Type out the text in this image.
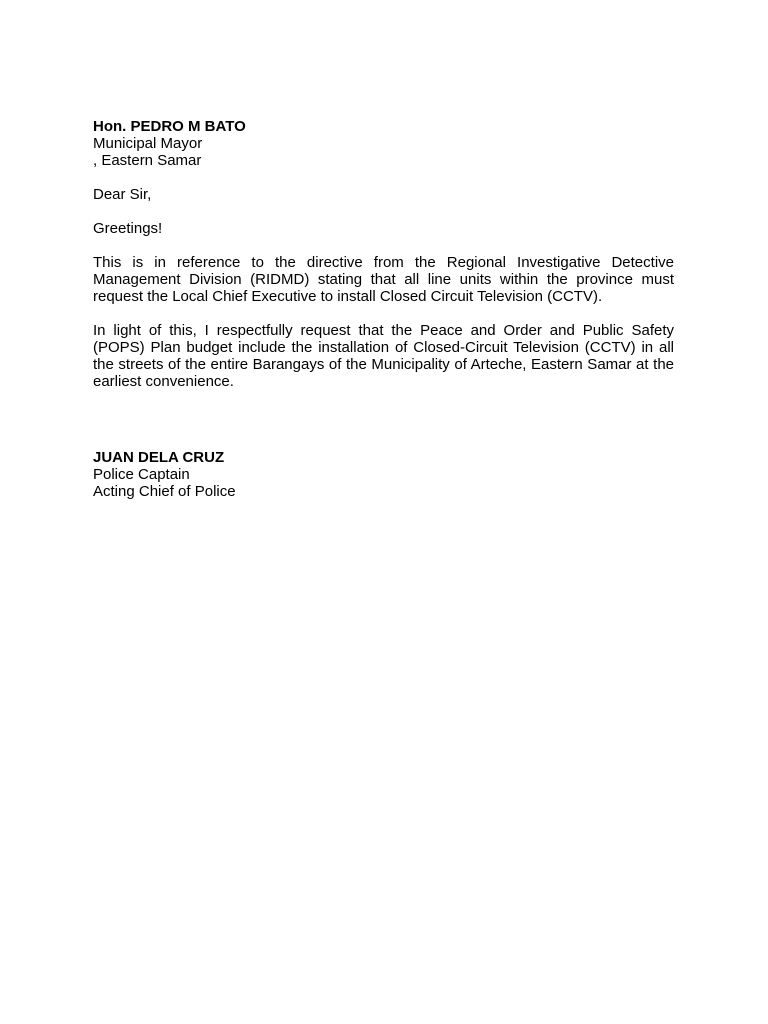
Hon. PEDRO M BATO
Municipal Mayor
, Eastern Samar
Dear Sir,
Greetings!

This is in reference to the directive from the Regional Investigative Detective Management Division (RIDMD) stating that all line units within the province must request the Local Chief Executive to install Closed Circuit Television (CCTV).

In light of this, I respectfully request that the Peace and Order and Public Safety (POPS) Plan budget include the installation of Closed-Circuit Television (CCTV) in all the streets of the entire Barangays of the Municipality of Arteche, Eastern Samar at the earliest convenience.

JUAN DELA CRUZ
Police Captain
Acting Chief of Police
